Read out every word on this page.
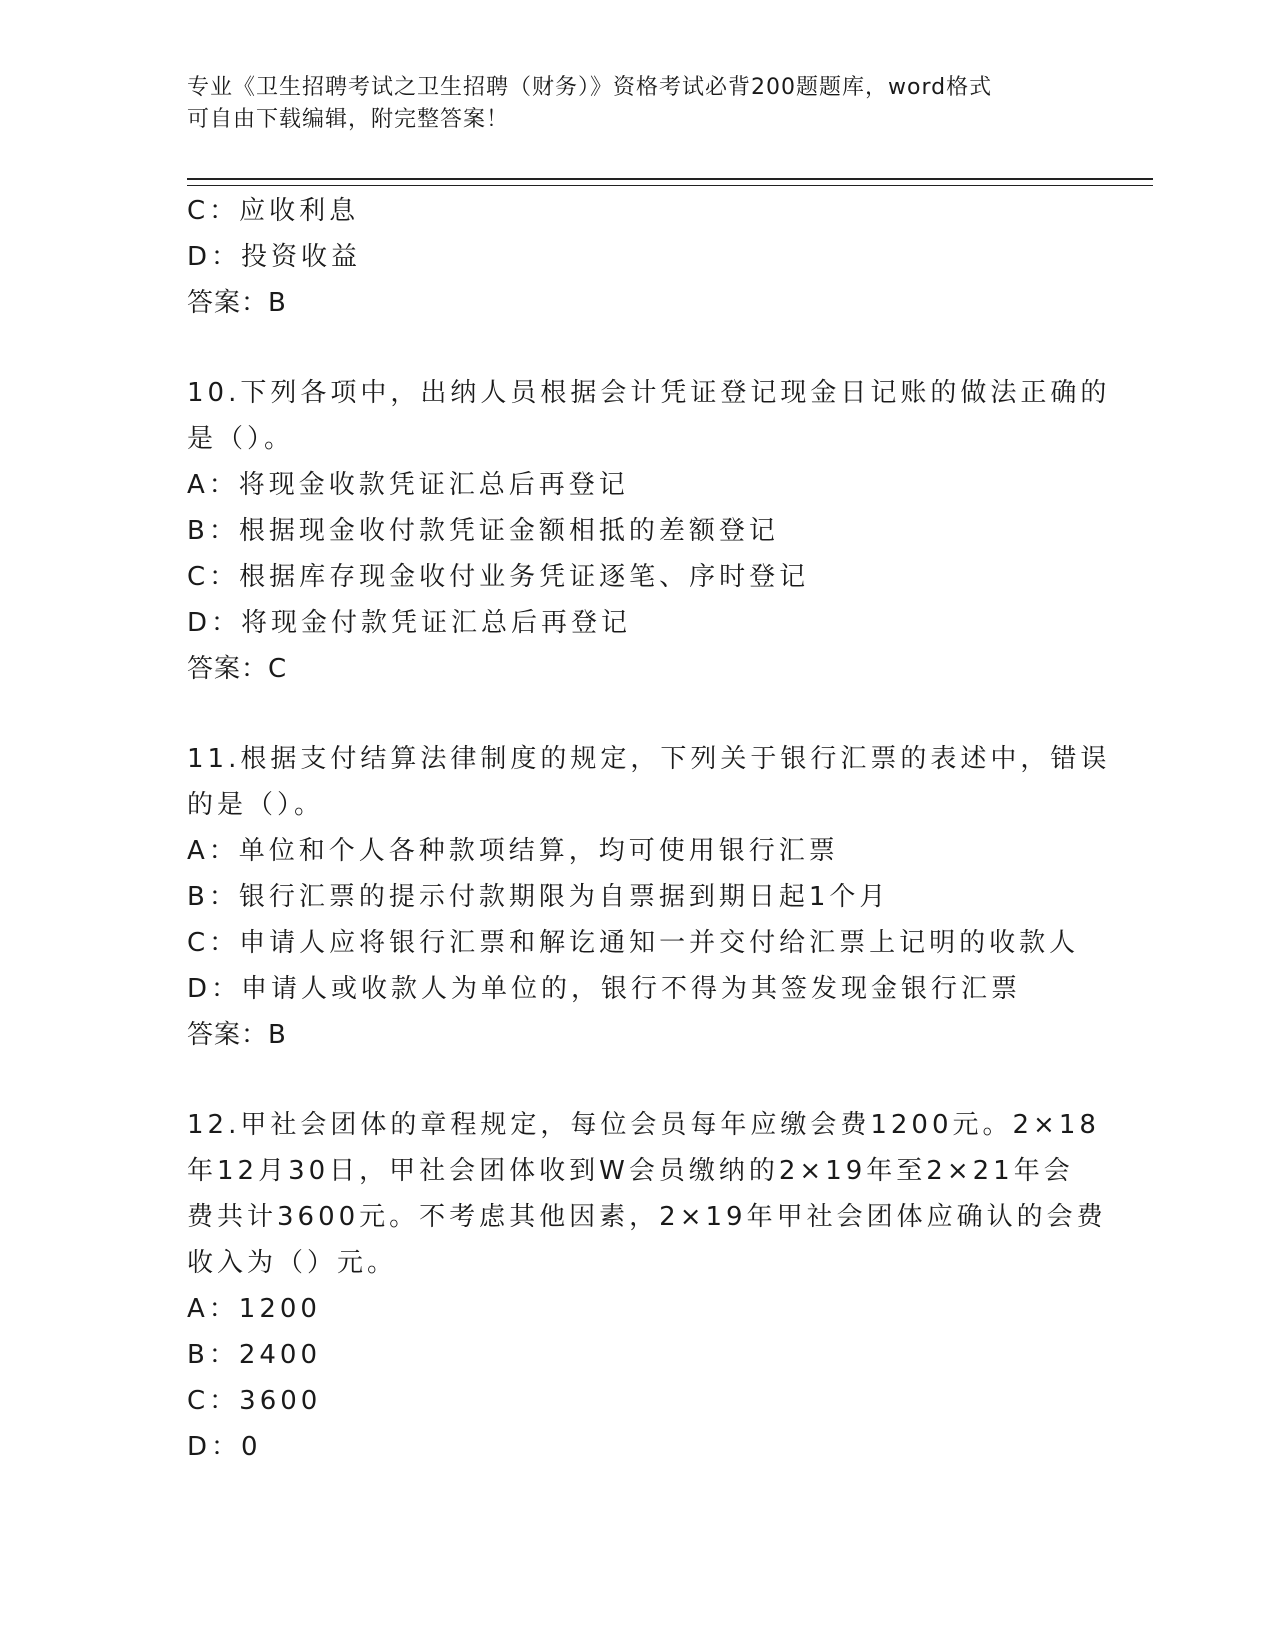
专业《卫生招聘考试之卫生招聘（财务）》资格考试必背200题题库，word格式
可自由下载编辑，附完整答案！
C：应收利息
D：投资收益
答案：B
10.下列各项中，出纳人员根据会计凭证登记现金日记账的做法正确的
是（）。
A：将现金收款凭证汇总后再登记
B：根据现金收付款凭证金额相抵的差额登记
C：根据库存现金收付业务凭证逐笔、序时登记
D：将现金付款凭证汇总后再登记
答案：C
11.根据支付结算法律制度的规定，下列关于银行汇票的表述中，错误
的是（）。
A：单位和个人各种款项结算，均可使用银行汇票
B：银行汇票的提示付款期限为自票据到期日起1个月
C：申请人应将银行汇票和解讫通知一并交付给汇票上记明的收款人
D：申请人或收款人为单位的，银行不得为其签发现金银行汇票
答案：B
12.甲社会团体的章程规定，每位会员每年应缴会费1200元。2×18
年12月30日，甲社会团体收到W会员缴纳的2×19年至2×21年会
费共计3600元。不考虑其他因素，2×19年甲社会团体应确认的会费
收入为（）元。
A：1200
B：2400
C：3600
D：0
